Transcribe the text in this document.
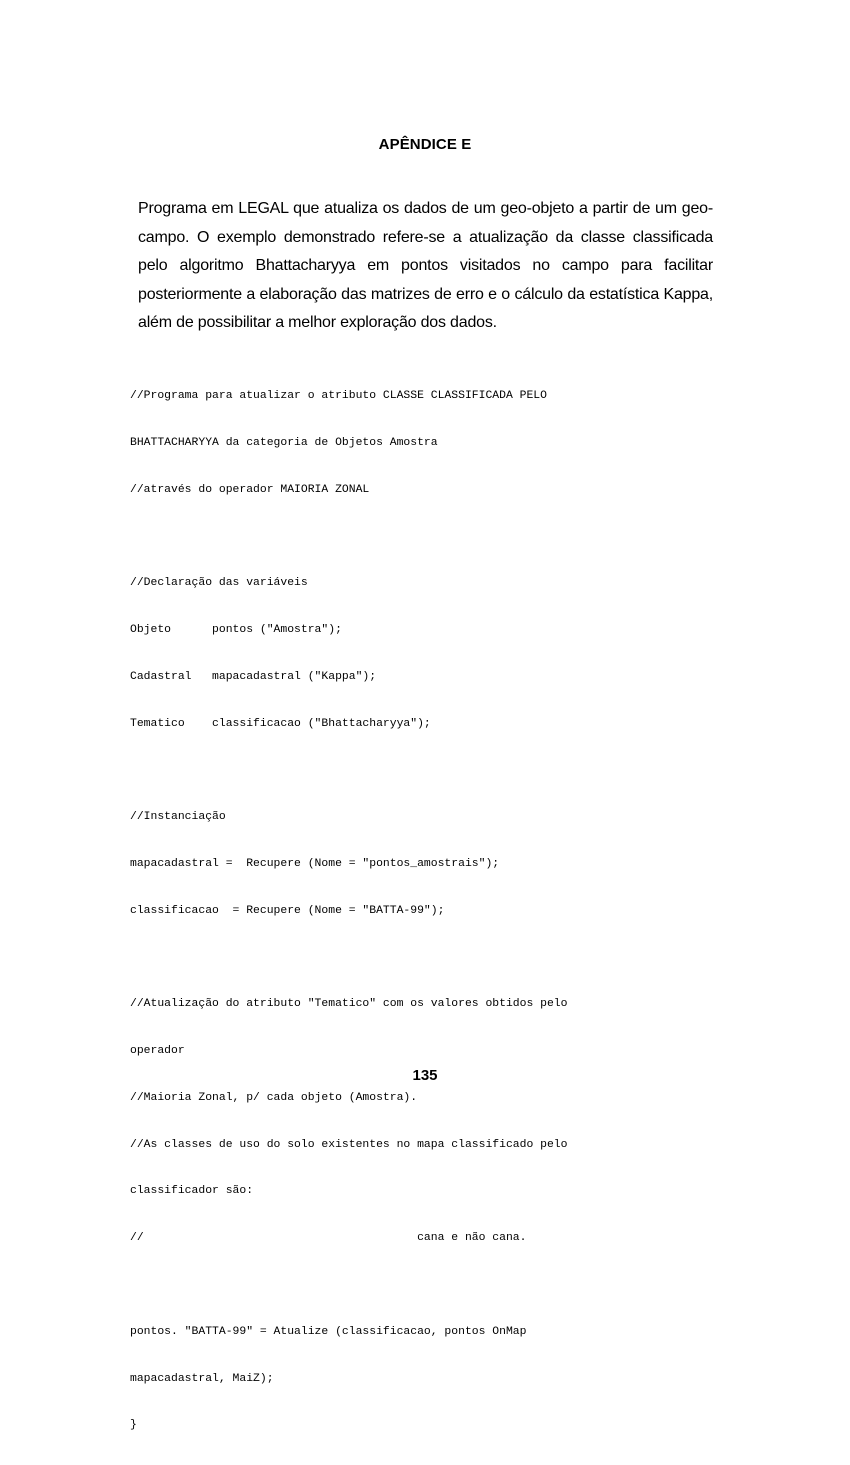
APÊNDICE E

Programa em LEGAL que atualiza os dados de um geo-objeto a partir de um geo-campo. O exemplo demonstrado refere-se a atualização da classe classificada pelo algoritmo Bhattacharyya em pontos visitados no campo para facilitar posteriormente a elaboração das matrizes de erro e o cálculo da estatística Kappa, além de possibilitar a melhor exploração dos dados.

//Programa para atualizar o atributo CLASSE CLASSIFICADA PELO

BHATTACHARYYA da categoria de Objetos Amostra

//através do operador MAIORIA ZONAL

//Declaração das variáveis

Objeto      pontos ("Amostra");

Cadastral   mapacadastral ("Kappa");

Tematico    classificacao ("Bhattacharyya");

//Instanciação

mapacadastral =  Recupere (Nome = "pontos_amostrais");

classificacao  = Recupere (Nome = "BATTA-99");

//Atualização do atributo "Tematico" com os valores obtidos pelo

operador

//Maioria Zonal, p/ cada objeto (Amostra).

//As classes de uso do solo existentes no mapa classificado pelo

classificador são:

//                                        cana e não cana.

pontos. "BATTA-99" = Atualize (classificacao, pontos OnMap

mapacadastral, MaiZ);

}

135
